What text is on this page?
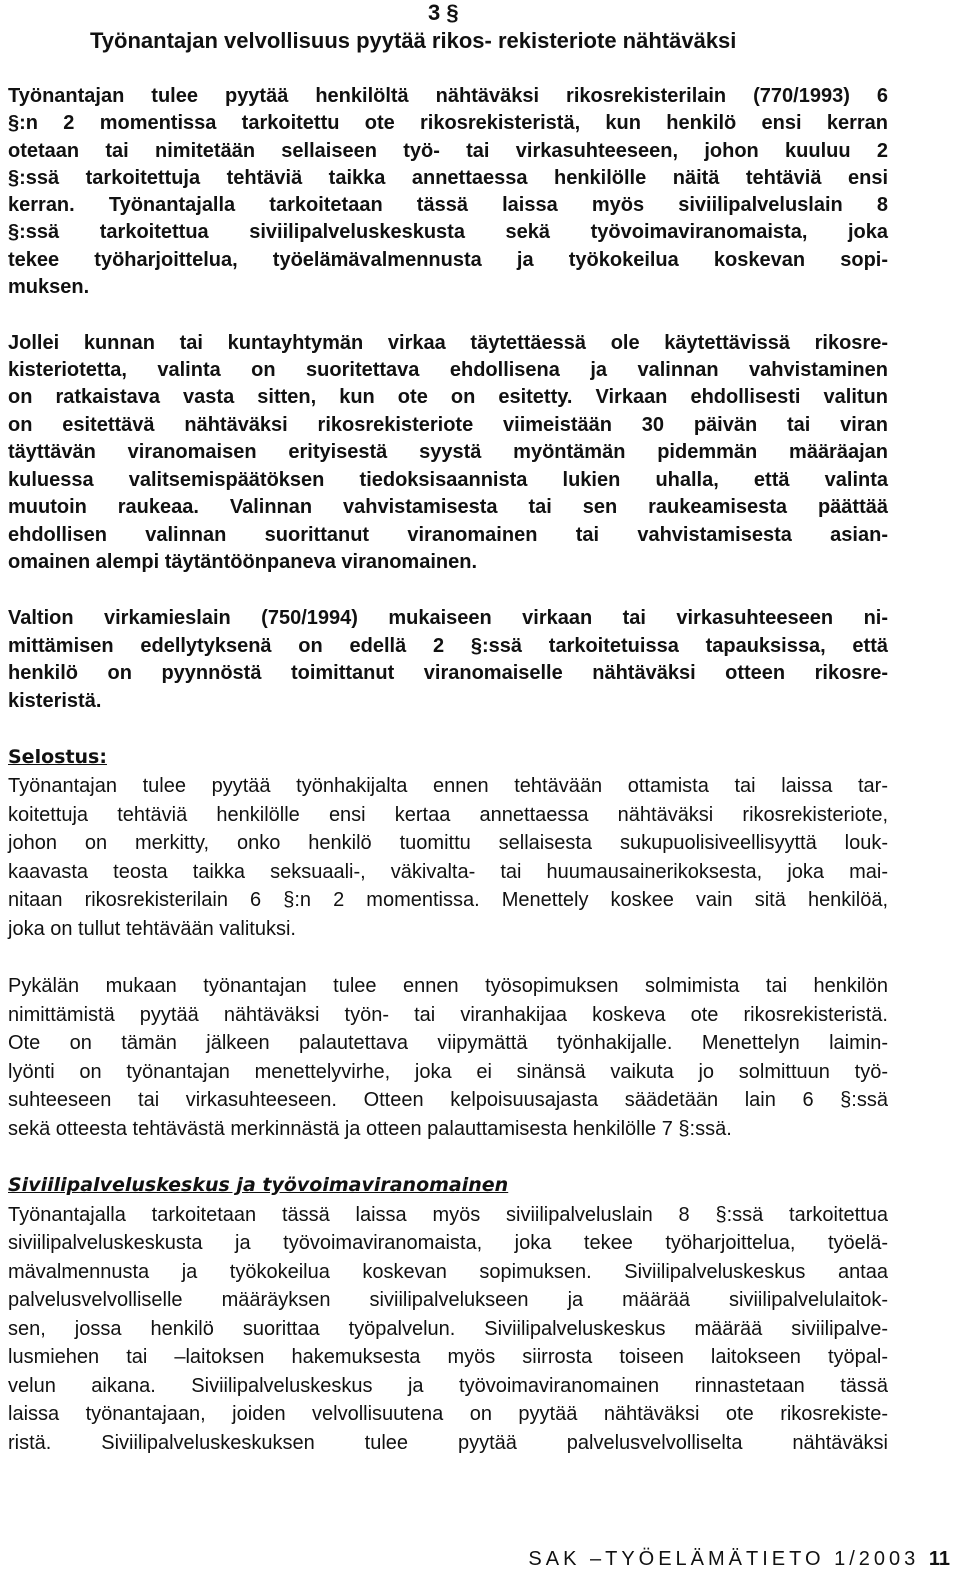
3 §
Työnantajan velvollisuus pyytää rikos- rekisteriote nähtäväksi
Työnantajan tulee pyytää henkilöltä nähtäväksi rikosrekisterilain (770/1993) 6
§:n 2 momentissa tarkoitettu ote rikosrekisteristä, kun henkilö ensi kerran
otetaan tai nimitetään sellaiseen työ- tai virkasuhteeseen, johon kuuluu 2
§:ssä tarkoitettuja tehtäviä taikka annettaessa henkilölle näitä tehtäviä ensi
kerran. Työnantajalla tarkoitetaan tässä laissa myös siviilipalveluslain 8
§:ssä tarkoitettua siviilipalveluskeskusta sekä työvoimaviranomaista, joka
tekee työharjoittelua, työelämävalmennusta ja työkokeilua koskevan sopi-
muksen.
Jollei kunnan tai kuntayhtymän virkaa täytettäessä ole käytettävissä rikosre-
kisteriotetta, valinta on suoritettava ehdollisena ja valinnan vahvistaminen
on ratkaistava vasta sitten, kun ote on esitetty. Virkaan ehdollisesti valitun
on esitettävä nähtäväksi rikosrekisteriote viimeistään 30 päivän tai viran
täyttävän viranomaisen erityisestä syystä myöntämän pidemmän määräajan
kuluessa valitsemispäätöksen tiedoksisaannista lukien uhalla, että valinta
muutoin raukeaa. Valinnan vahvistamisesta tai sen raukeamisesta päättää
ehdollisen valinnan suorittanut viranomainen tai vahvistamisesta asian-
omainen alempi täytäntöönpaneva viranomainen.
Valtion virkamieslain (750/1994) mukaiseen virkaan tai virkasuhteeseen ni-
mittämisen edellytyksenä on edellä 2 §:ssä tarkoitetuissa tapauksissa, että
henkilö on pyynnöstä toimittanut viranomaiselle nähtäväksi otteen rikosre-
kisteristä.
Selostus:
Työnantajan tulee pyytää työnhakijalta ennen tehtävään ottamista tai laissa tar-
koitettuja tehtäviä henkilölle ensi kertaa annettaessa nähtäväksi rikosrekisteriote,
johon on merkitty, onko henkilö tuomittu sellaisesta sukupuolisiveellisyyttä louk-
kaavasta teosta taikka seksuaali-, väkivalta- tai huumausainerikoksesta, joka mai-
nitaan rikosrekisterilain 6 §:n 2 momentissa. Menettely koskee vain sitä henkilöä,
joka on tullut tehtävään valituksi.
Pykälän mukaan työnantajan tulee ennen työsopimuksen solmimista tai henkilön
nimittämistä pyytää nähtäväksi työn- tai viranhakijaa koskeva ote rikosrekisteristä.
Ote on tämän jälkeen palautettava viipymättä työnhakijalle. Menettelyn laimin-
lyönti on työnantajan menettelyvirhe, joka ei sinänsä vaikuta jo solmittuun työ-
suhteeseen tai virkasuhteeseen. Otteen kelpoisuusajasta säädetään lain 6 §:ssä
sekä otteesta tehtävästä merkinnästä ja otteen palauttamisesta henkilölle 7 §:ssä.
Siviilipalveluskeskus ja työvoimaviranomainen
Työnantajalla tarkoitetaan tässä laissa myös siviilipalveluslain 8 §:ssä tarkoitettua
siviilipalveluskeskusta ja työvoimaviranomaista, joka tekee työharjoittelua, työelä-
mävalmennusta ja työkokeilua koskevan sopimuksen. Siviilipalveluskeskus antaa
palvelusvelvolliselle määräyksen siviilipalvelukseen ja määrää siviilipalvelulaitok-
sen, jossa henkilö suorittaa työpalvelun. Siviilipalveluskeskus määrää siviilipalve-
lusmiehen tai –laitoksen hakemuksesta myös siirrosta toiseen laitokseen työpal-
velun aikana. Siviilipalveluskeskus ja työvoimaviranomainen rinnastetaan tässä
laissa työnantajaan, joiden velvollisuutena on pyytää nähtäväksi ote rikosrekiste-
ristä. Siviilipalveluskeskuksen tulee pyytää palvelusvelvolliselta nähtäväksi
SAK –TYÖELÄMÄTIETO 1/2003 11
